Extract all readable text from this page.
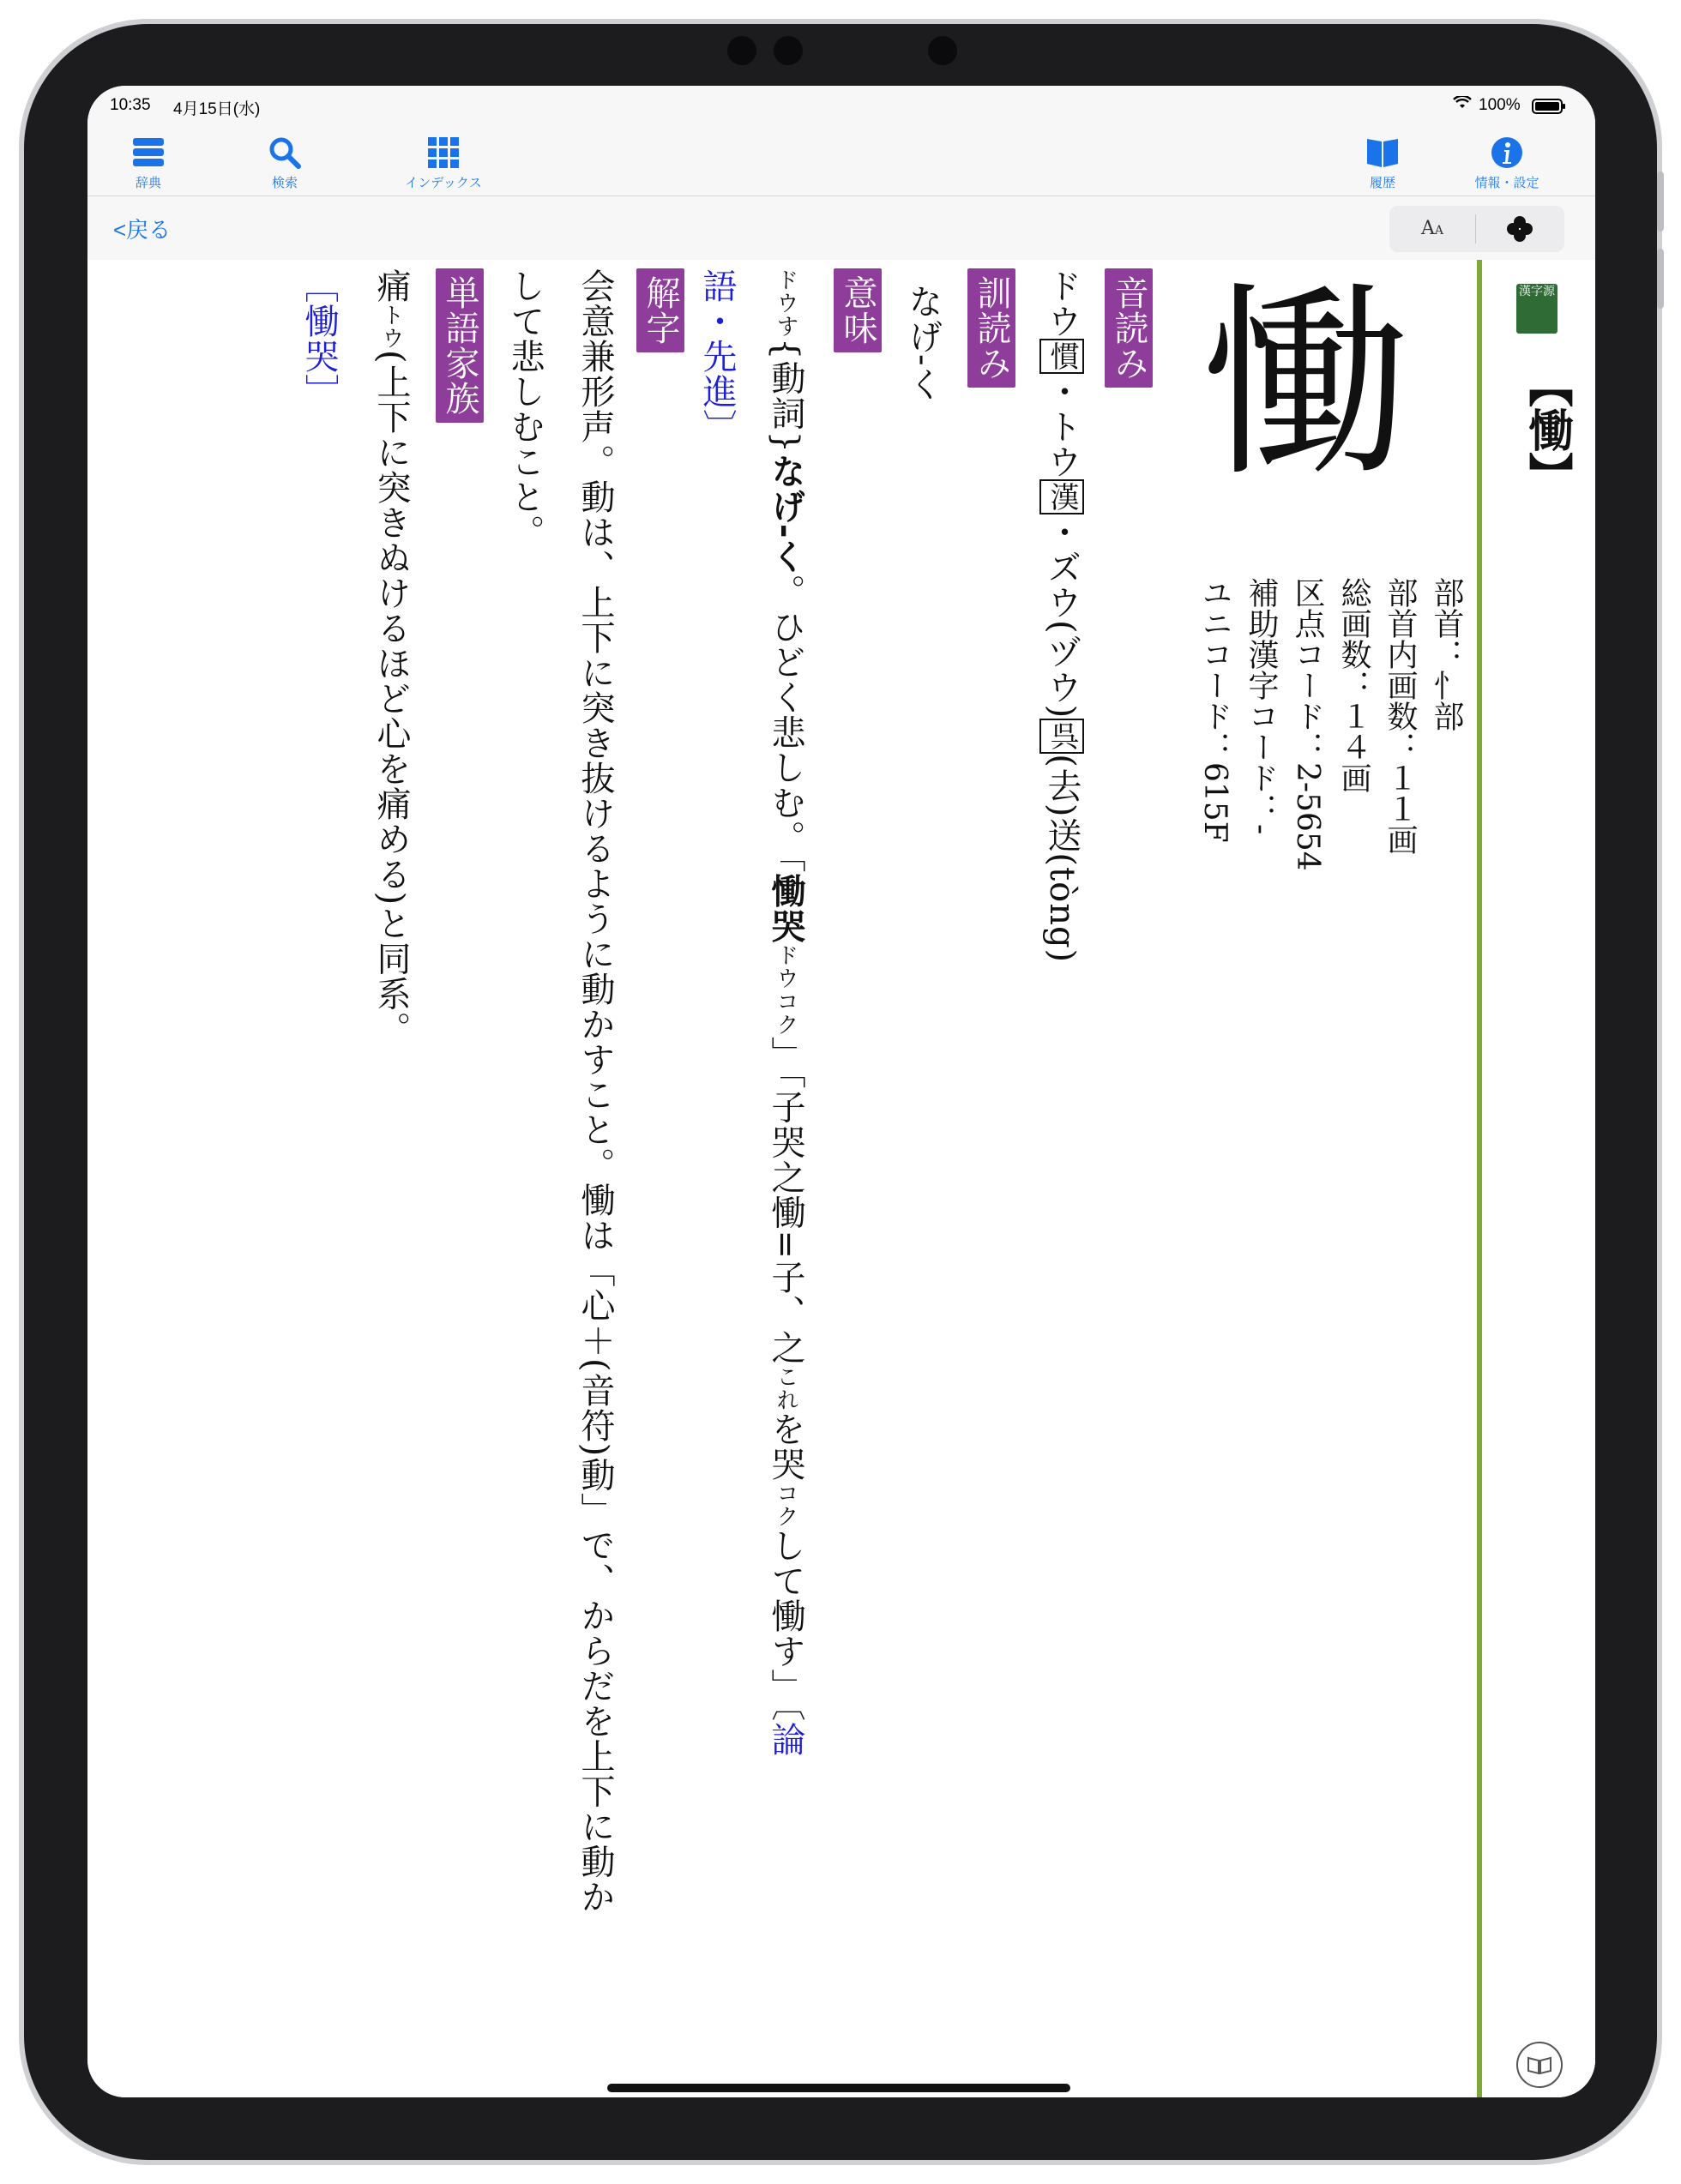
10:35 4月15日(水)	100%
辞典	検索	インデックス	履歴	情報・設定
<戻る	AA
漢字源
【慟】
慟
部首：忄部
部首内画数：１１画
総画数：１４画
区点コード：2-5654
補助漢字コード：-
ユニコード：615F
音読み
ドウ慣・トウ漢・ズウ(ヅウ)呉(去)送(tòng)
訓読み
なげ-く
意味
ドウす{動詞}なげ-く。ひどく悲しむ。「慟哭ドウコク」「子哭之慟=子、之これを哭コクして慟す」〔論
語・先進〕
解字
会意兼形声。動は、上下に突き抜けるように動かすこと。慟は「心＋(音符)動」で、からだを上下に動か
して悲しむこと。
単語家族
痛トウ(上下に突きぬけるほど心を痛める)と同系。
［慟哭］
